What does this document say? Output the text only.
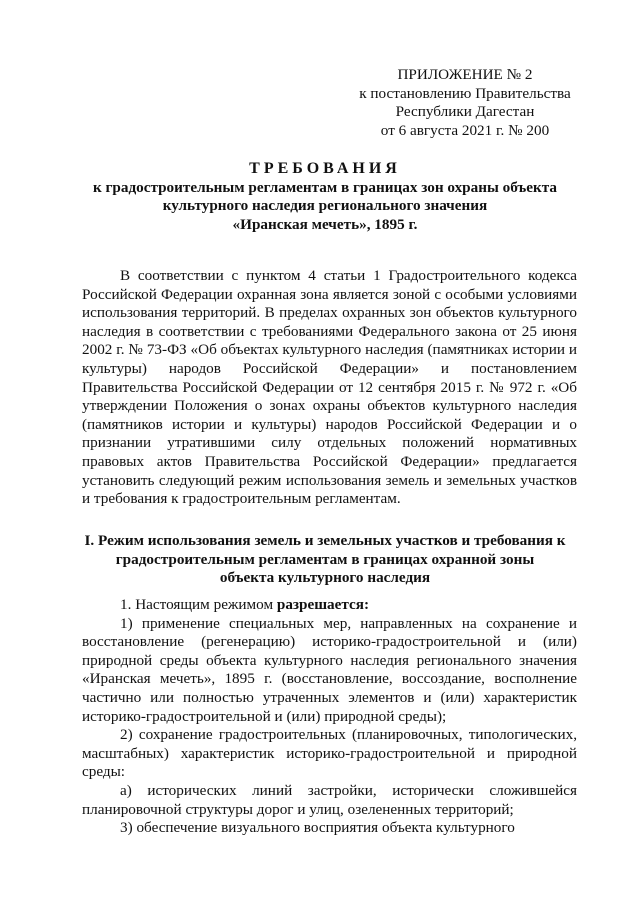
ПРИЛОЖЕНИЕ № 2
к постановлению Правительства
Республики Дагестан
от 6 августа 2021 г. № 200
ТРЕБОВАНИЯ
к градостроительным регламентам в границах зон охраны объекта
культурного наследия регионального значения
«Иранская мечеть», 1895 г.

В соответствии с пунктом 4 статьи 1 Градостроительного кодекса Российской Федерации охранная зона является зоной с особыми условиями использования территорий. В пределах охранных зон объектов культурного наследия в соответствии с требованиями Федерального закона от 25 июня 2002 г. № 73-ФЗ «Об объектах культурного наследия (памятниках истории и культуры) народов Российской Федерации» и постановлением Правительства Российской Федерации от 12 сентября 2015 г. № 972 г. «Об утверждении Положения о зонах охраны объектов культурного наследия (памятников истории и культуры) народов Российской Федерации и о признании утратившими силу отдельных положений нормативных правовых актов Правительства Российской Федерации» предлагается установить следующий режим использования земель и земельных участков и требования к градостроительным регламентам.

I. Режим использования земель и земельных участков и требования к
градостроительным регламентам в границах охранной зоны
объекта культурного наследия

1. Настоящим режимом разрешается:

1) применение специальных мер, направленных на сохранение и восстановление (регенерацию) историко-градостроительной и (или) природной среды объекта культурного наследия регионального значения «Иранская мечеть», 1895 г. (восстановление, воссоздание, восполнение частично или полностью утраченных элементов и (или) характеристик историко-градостроительной и (или) природной среды);

2) сохранение градостроительных (планировочных, типологических, масштабных) характеристик историко-градостроительной и природной среды:

а) исторических линий застройки, исторически сложившейся планировочной структуры дорог и улиц, озелененных территорий;

3) обеспечение визуального восприятия объекта культурного
